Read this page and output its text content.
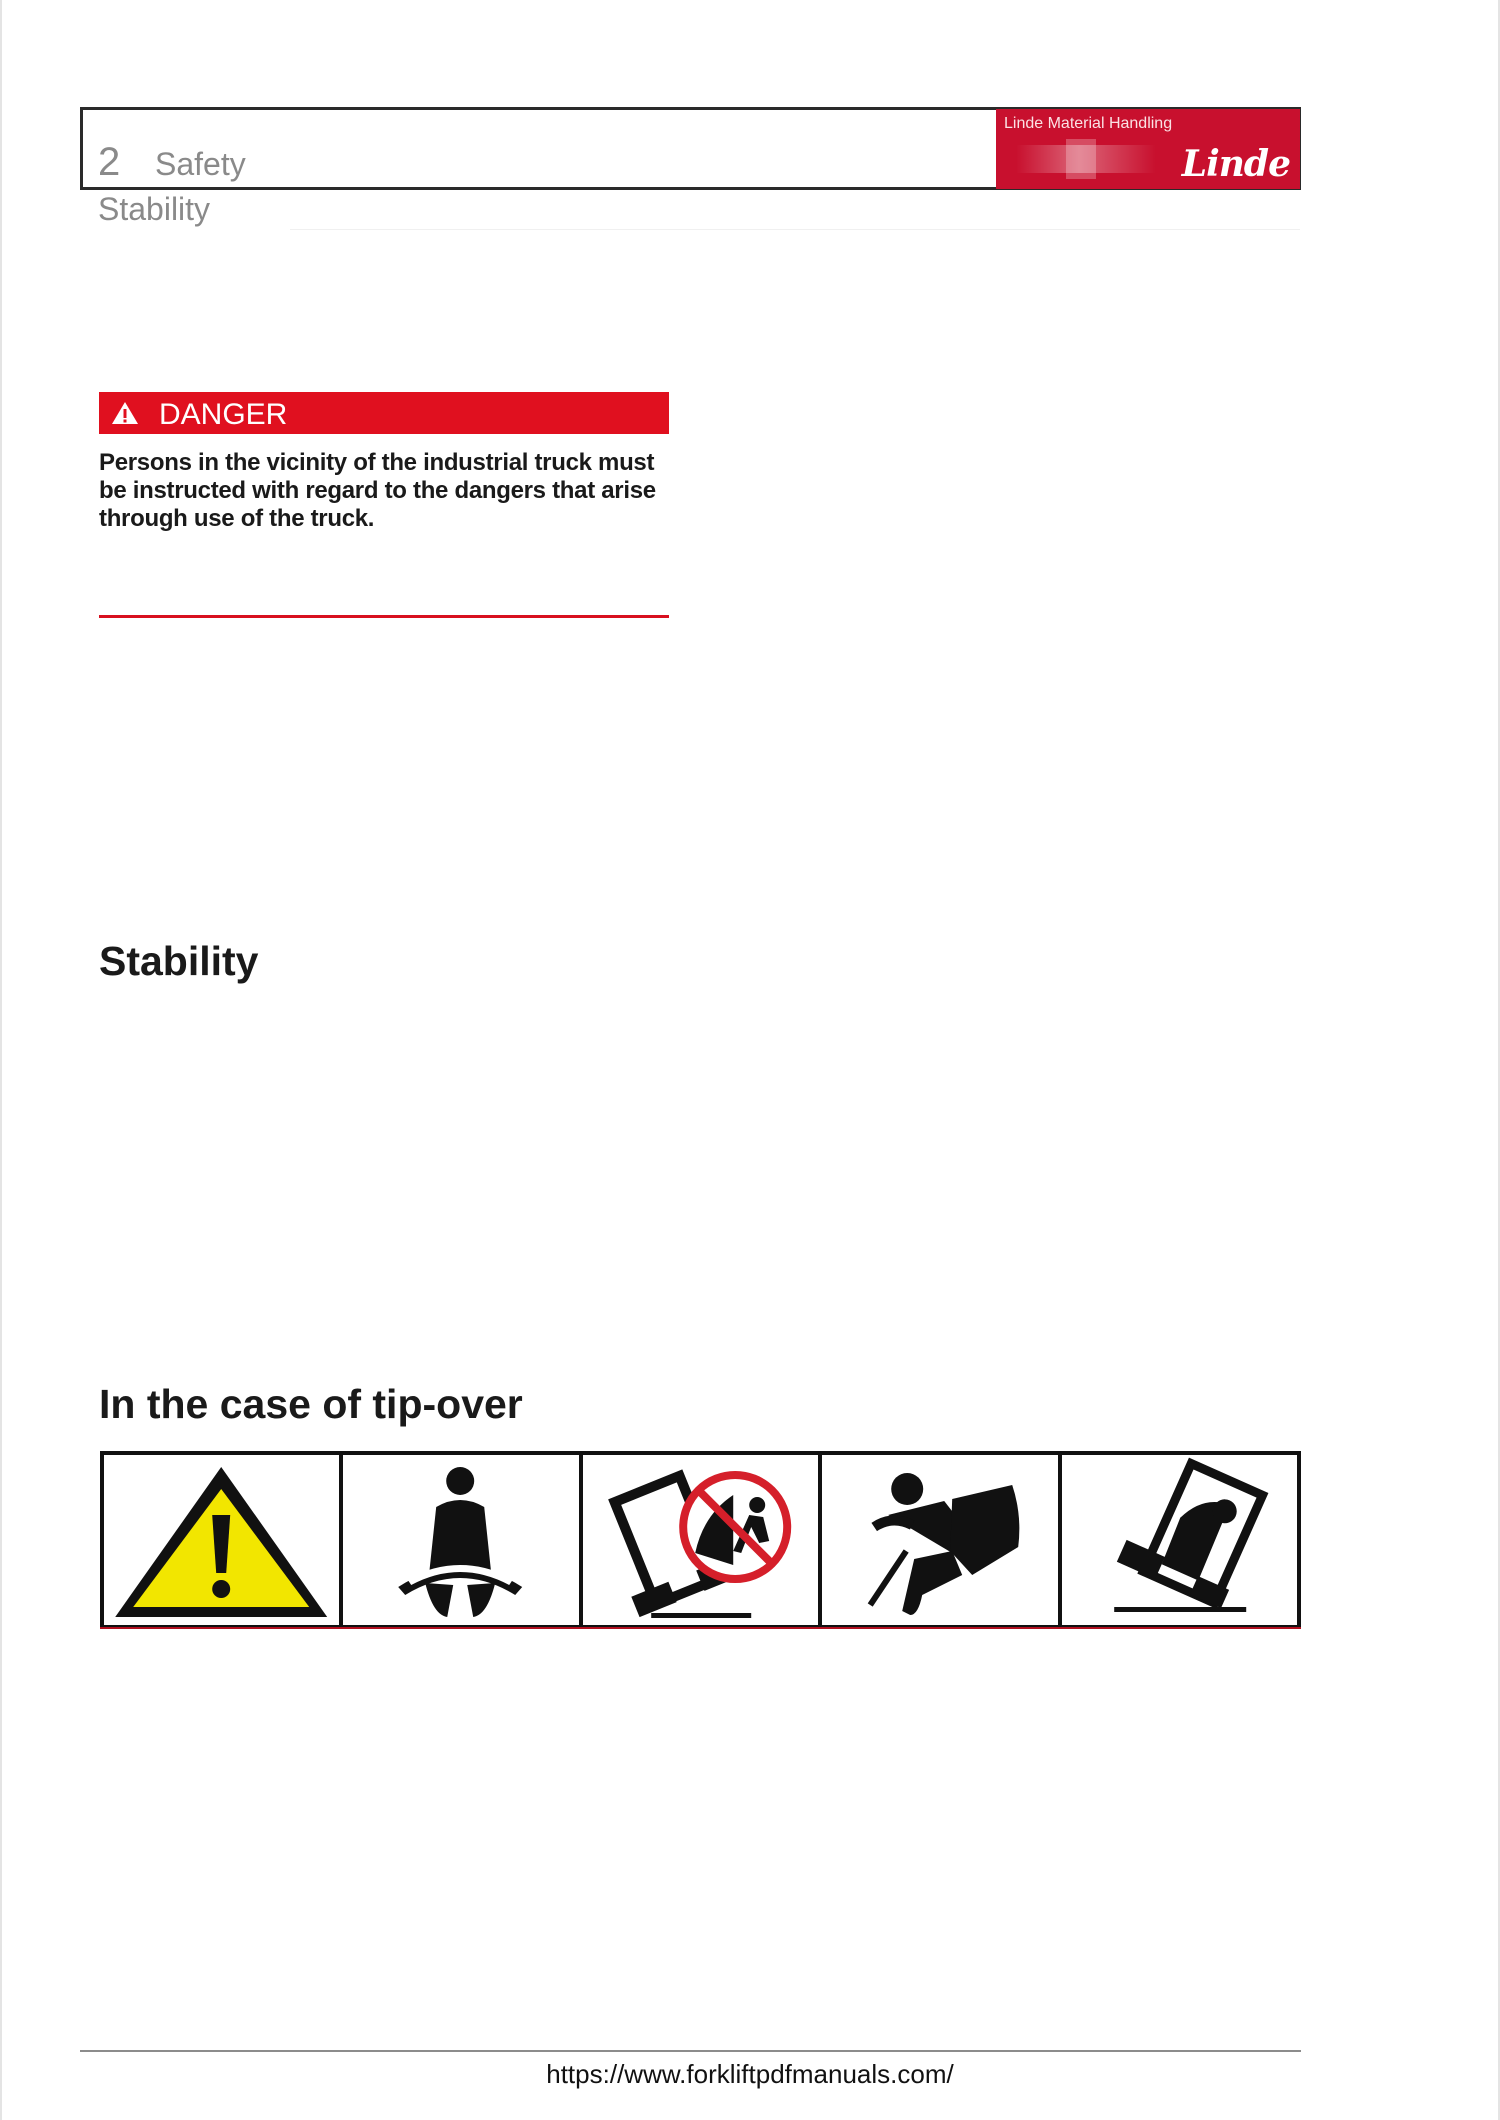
2 Safety
Stability
Linde Material Handling
Linde
DANGER
Persons in the vicinity of the industrial truck must be instructed with regard to the dangers that arise through use of the truck.
Stability
In the case of tip-over
https://www.forkliftpdfmanuals.com/
